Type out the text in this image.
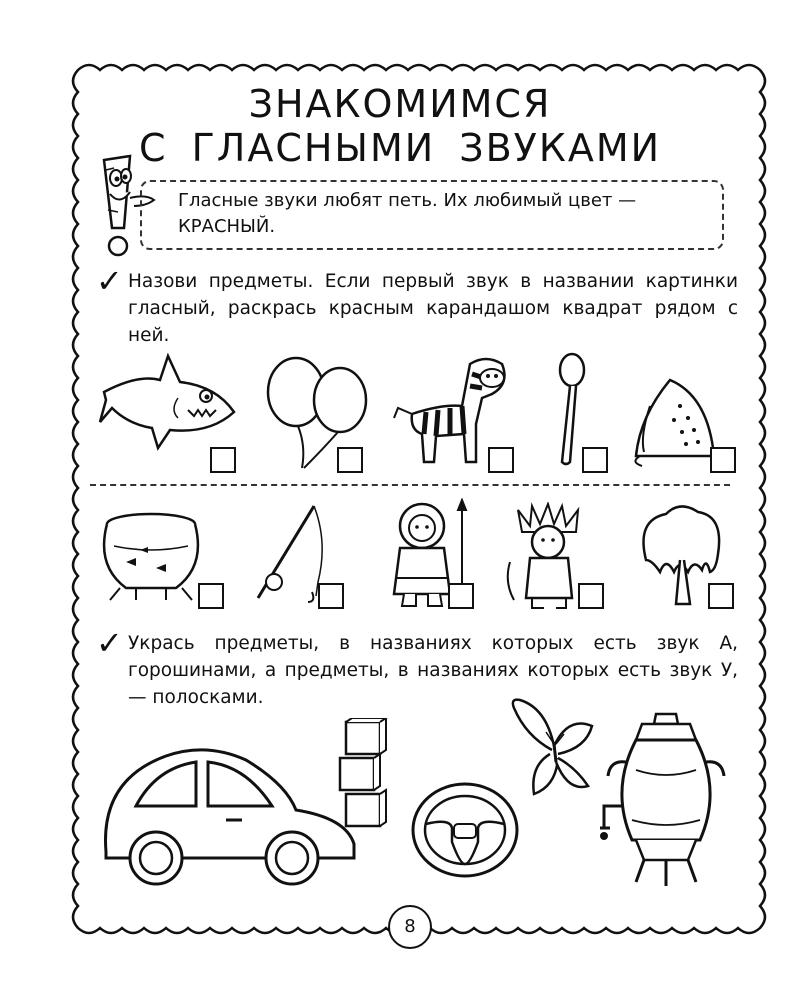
ЗНАКОМИМСЯ
С ГЛАСНЫМИ ЗВУКАМИ
Гласные звуки любят петь. Их любимый цвет —
КРАСНЫЙ.
✓ Назови предметы. Если первый звук в названии картинки гласный, раскрась красным карандашом квадрат рядом с ней.
✓ Укрась предметы, в названиях которых есть звук А, горошинами, а предметы, в названиях которых есть звук У, — полосками.
8
